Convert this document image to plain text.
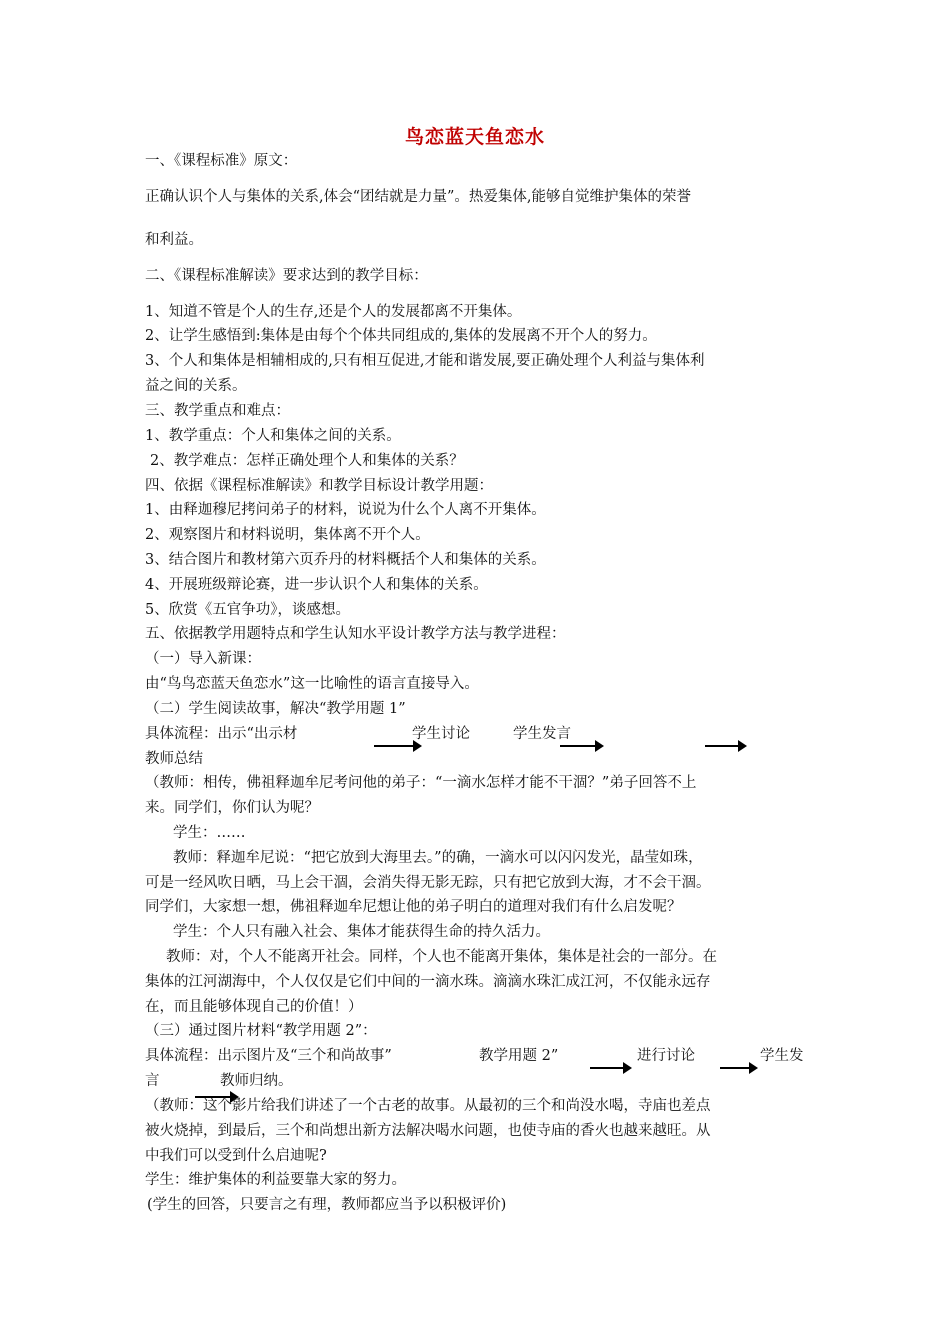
鸟恋蓝天鱼恋水
一、《课程标准》原文：
正确认识个人与集体的关系,体会“团结就是力量”。热爱集体,能够自觉维护集体的荣誉
和利益。
二、《课程标准解读》要求达到的教学目标：
1、知道不管是个人的生存,还是个人的发展都离不开集体。
2、让学生感悟到:集体是由每个个体共同组成的,集体的发展离不开个人的努力。
3、个人和集体是相辅相成的,只有相互促进,才能和谐发展,要正确处理个人利益与集体利
益之间的关系。
三、教学重点和难点：
1、教学重点：个人和集体之间的关系。
2、教学难点：怎样正确处理个人和集体的关系？
四、依据《课程标准解读》和教学目标设计教学用题：
1、由释迦穆尼拷问弟子的材料，说说为什么个人离不开集体。
2、观察图片和材料说明，集体离不开个人。
3、结合图片和教材第六页乔丹的材料概括个人和集体的关系。
4、开展班级辩论赛，进一步认识个人和集体的关系。
5、欣赏《五官争功》，谈感想。
五、依据教学用题特点和学生认知水平设计教学方法与教学进程：
（一）导入新课：
由“鸟鸟恋蓝天鱼恋水”这一比喻性的语言直接导入。
（二）学生阅读故事，解决“教学用题 1”
具体流程：出示“出示材	学生讨论	学生发言
教师总结
（教师：相传，佛祖释迦牟尼考问他的弟子：“一滴水怎样才能不干涸？”弟子回答不上
来。同学们，你们认为呢？
学生：……
教师：释迦牟尼说：“把它放到大海里去。”的确，一滴水可以闪闪发光，晶莹如珠，
可是一经风吹日晒，马上会干涸，会消失得无影无踪，只有把它放到大海，才不会干涸。
同学们，大家想一想，佛祖释迦牟尼想让他的弟子明白的道理对我们有什么启发呢？
学生：个人只有融入社会、集体才能获得生命的持久活力。
教师：对，个人不能离开社会。同样，个人也不能离开集体，集体是社会的一部分。在
集体的江河湖海中，个人仅仅是它们中间的一滴水珠。滴滴水珠汇成江河，不仅能永远存
在，而且能够体现自己的价值！）
（三）通过图片材料“教学用题 2”：
具体流程：出示图片及“三个和尚故事”	教学用题 2”	进行讨论	学生发
言	教师归纳。
（教师：这个影片给我们讲述了一个古老的故事。从最初的三个和尚没水喝，寺庙也差点
被火烧掉，到最后，三个和尚想出新方法解决喝水问题，也使寺庙的香火也越来越旺。从
中我们可以受到什么启迪呢?
学生：维护集体的利益要靠大家的努力。
(学生的回答，只要言之有理，教师都应当予以积极评价)
